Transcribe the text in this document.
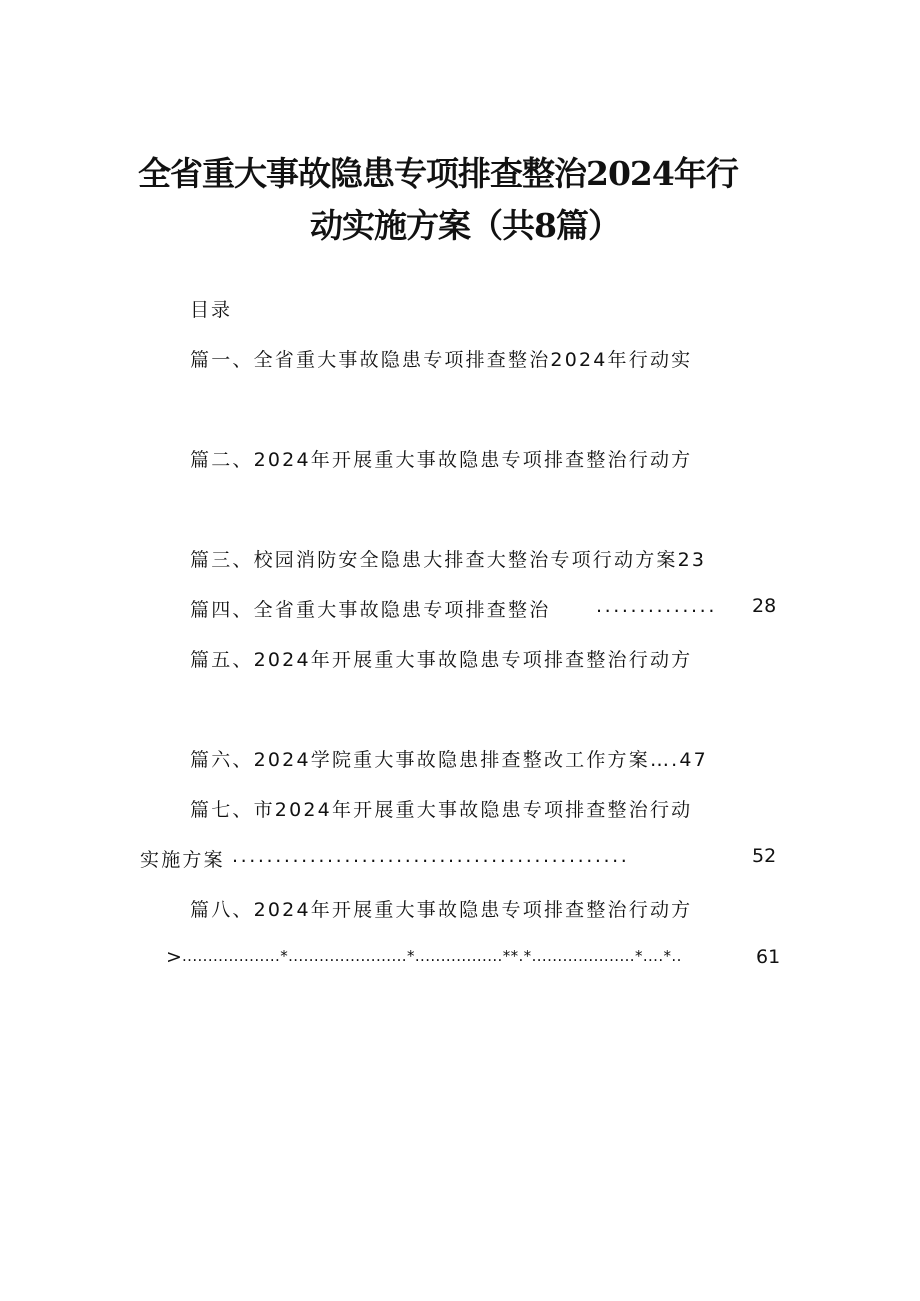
全省重大事故隐患专项排查整治2024年行
动实施方案（共8篇）
目录
篇一、全省重大事故隐患专项排查整治2024年行动实
篇二、2024年开展重大事故隐患专项排查整治行动方
篇三、校园消防安全隐患大排查大整治专项行动方案23
篇四、全省重大事故隐患专项排查整治 ..............	28
篇五、2024年开展重大事故隐患专项排查整治行动方
篇六、2024学院重大事故隐患排查整改工作方案….47
篇七、市2024年开展重大事故隐患专项排查整治行动
实施方案 ..............................................	52
篇八、2024年开展重大事故隐患专项排查整治行动方
> ...................*.......................*.................**.*....................*....*..	61
